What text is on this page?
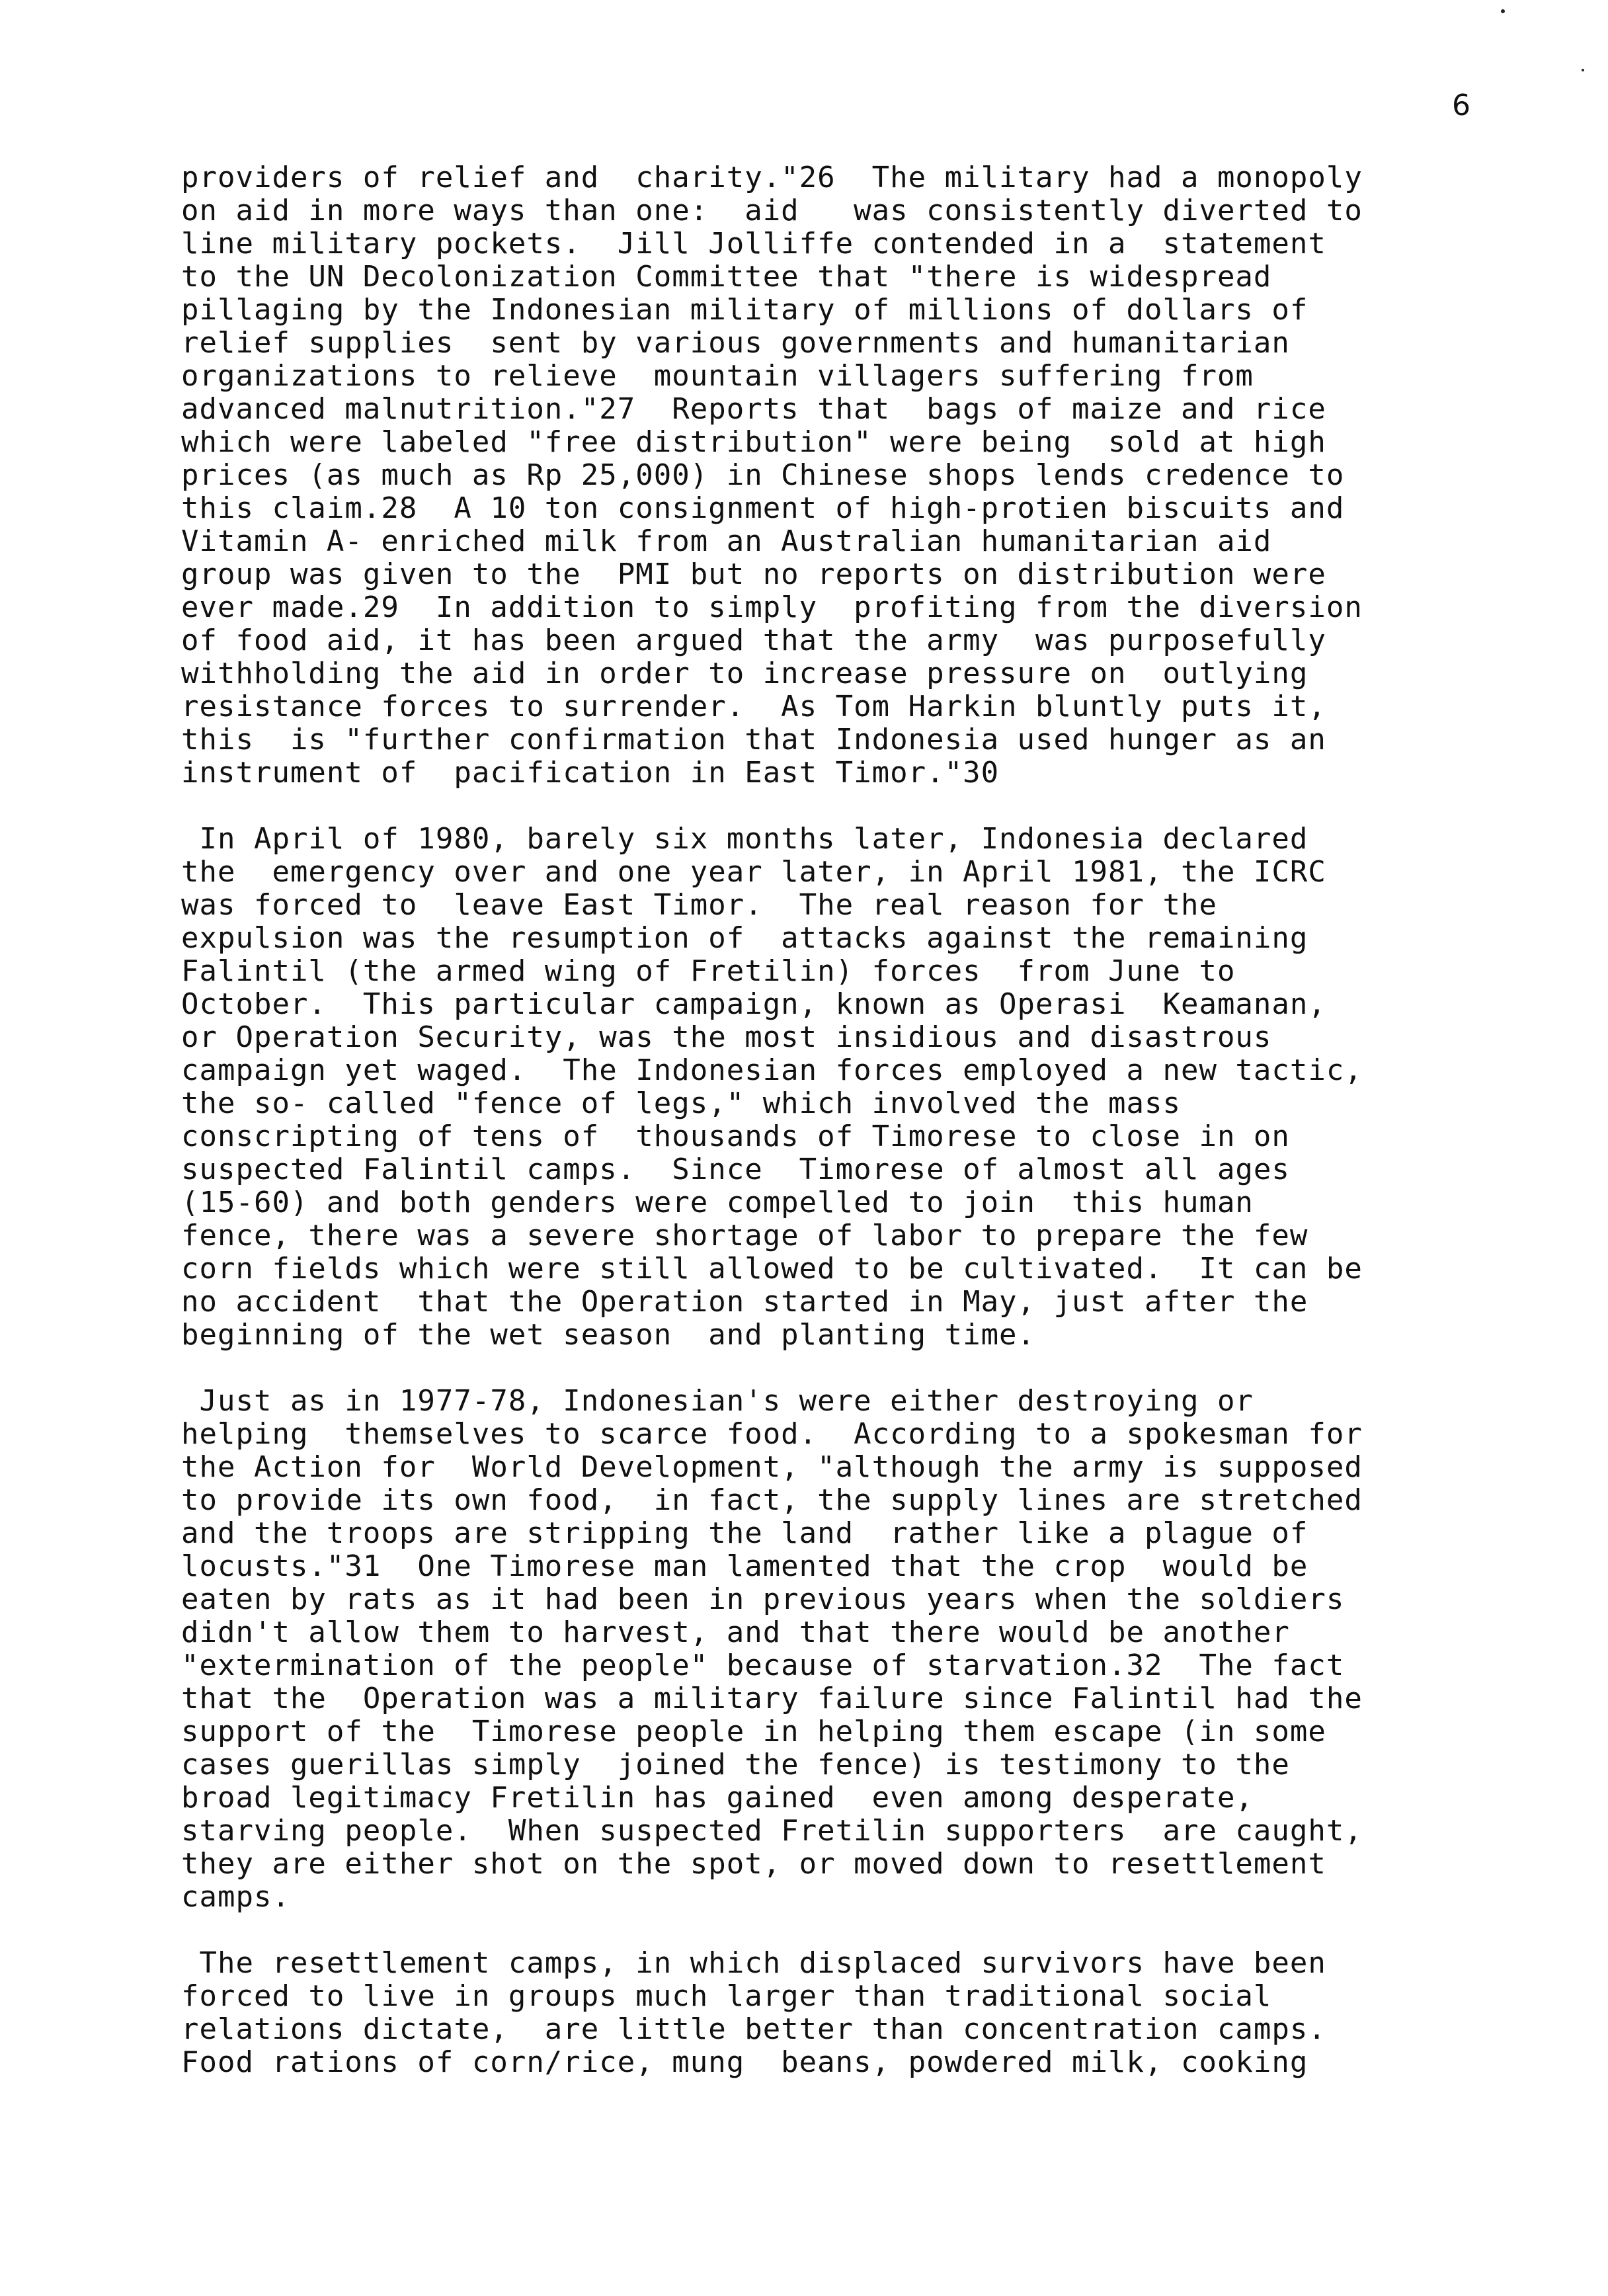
6
providers of relief and  charity."26  The military had a monopoly
on aid in more ways than one:  aid   was consistently diverted to
line military pockets.  Jill Jolliffe contended in a  statement
to the UN Decolonization Committee that "there is widespread
pillaging by the Indonesian military of millions of dollars of
relief supplies  sent by various governments and humanitarian
organizations to relieve  mountain villagers suffering from
advanced malnutrition."27  Reports that  bags of maize and rice
which were labeled "free distribution" were being  sold at high
prices (as much as Rp 25,000) in Chinese shops lends credence to
this claim.28  A 10 ton consignment of high-protien biscuits and
Vitamin A- enriched milk from an Australian humanitarian aid
group was given to the  PMI but no reports on distribution were
ever made.29  In addition to simply  profiting from the diversion
of food aid, it has been argued that the army  was purposefully
withholding the aid in order to increase pressure on  outlying
resistance forces to surrender.  As Tom Harkin bluntly puts it,
this  is "further confirmation that Indonesia used hunger as an
instrument of  pacification in East Timor."30
In April of 1980, barely six months later, Indonesia declared
the  emergency over and one year later, in April 1981, the ICRC
was forced to  leave East Timor.  The real reason for the
expulsion was the resumption of  attacks against the remaining
Falintil (the armed wing of Fretilin) forces  from June to
October.  This particular campaign, known as Operasi  Keamanan,
or Operation Security, was the most insidious and disastrous
campaign yet waged.  The Indonesian forces employed a new tactic,
the so- called "fence of legs," which involved the mass
conscripting of tens of  thousands of Timorese to close in on
suspected Falintil camps.  Since  Timorese of almost all ages
(15-60) and both genders were compelled to join  this human
fence, there was a severe shortage of labor to prepare the few
corn fields which were still allowed to be cultivated.  It can be
no accident  that the Operation started in May, just after the
beginning of the wet season  and planting time.
Just as in 1977-78, Indonesian's were either destroying or
helping  themselves to scarce food.  According to a spokesman for
the Action for  World Development, "although the army is supposed
to provide its own food,  in fact, the supply lines are stretched
and the troops are stripping the land  rather like a plague of
locusts."31  One Timorese man lamented that the crop  would be
eaten by rats as it had been in previous years when the soldiers
didn't allow them to harvest, and that there would be another
"extermination of the people" because of starvation.32  The fact
that the  Operation was a military failure since Falintil had the
support of the  Timorese people in helping them escape (in some
cases guerillas simply  joined the fence) is testimony to the
broad legitimacy Fretilin has gained  even among desperate,
starving people.  When suspected Fretilin supporters  are caught,
they are either shot on the spot, or moved down to resettlement
camps.
The resettlement camps, in which displaced survivors have been
forced to live in groups much larger than traditional social
relations dictate,  are little better than concentration camps.
Food rations of corn/rice, mung  beans, powdered milk, cooking
